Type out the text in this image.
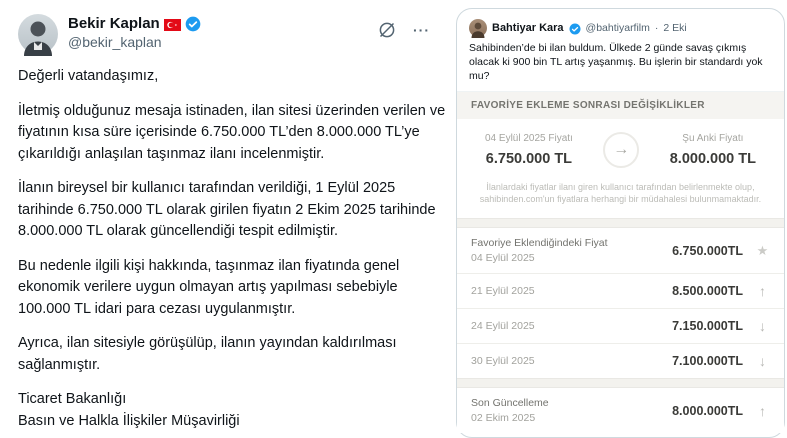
Bekir Kaplan
@bekir_kaplan
···

Değerli vatandaşımız,

İletmiş olduğunuz mesaja istinaden, ilan sitesi üzerinden verilen ve fiyatının kısa süre içerisinde 6.750.000 TL’den 8.000.000 TL’ye çıkarıldığı anlaşılan taşınmaz ilanı incelenmiştir.

İlanın bireysel bir kullanıcı tarafından verildiği, 1 Eylül 2025 tarihinde 6.750.000 TL olarak girilen fiyatın 2 Ekim 2025 tarihinde 8.000.000 TL olarak güncellendiği tespit edilmiştir.

Bu nedenle ilgili kişi hakkında, taşınmaz ilan fiyatında genel ekonomik verilere uygun olmayan artış yapılması sebebiyle 100.000 TL idari para cezası uygulanmıştır.

Ayrıca, ilan sitesiyle görüşülüp, ilanın yayından kaldırılması sağlanmıştır.

Ticaret Bakanlığı

Basın ve Halkla İlişkiler Müşavirliği

Bahtiyar Kara @bahtiyarfilm · 2 Eki
Sahibinden’de bi ilan buldum. Ülkede 2 günde savaş çıkmış olacak ki 900 bin TL artış yaşanmış. Bu işlerin bir standardı yok mu?
FAVORİYE EKLEME SONRASI DEĞİŞİKLİKLER
04 Eylül 2025 Fiyatı
6.750.000 TL
→
Şu Anki Fiyatı
8.000.000 TL
İlanlardaki fiyatlar ilanı giren kullanıcı tarafından belirlenmekte olup, sahibinden.com'un fiyatlara herhangi bir müdahalesi bulunmamaktadır.
Favoriye Eklendiğindeki Fiyat
04 Eylül 2025
6.750.000TL ★
21 Eylül 2025	8.500.000TL ↑
24 Eylül 2025	7.150.000TL ↓
30 Eylül 2025	7.100.000TL ↓
Son Güncelleme
02 Ekim 2025
8.000.000TL ↑
